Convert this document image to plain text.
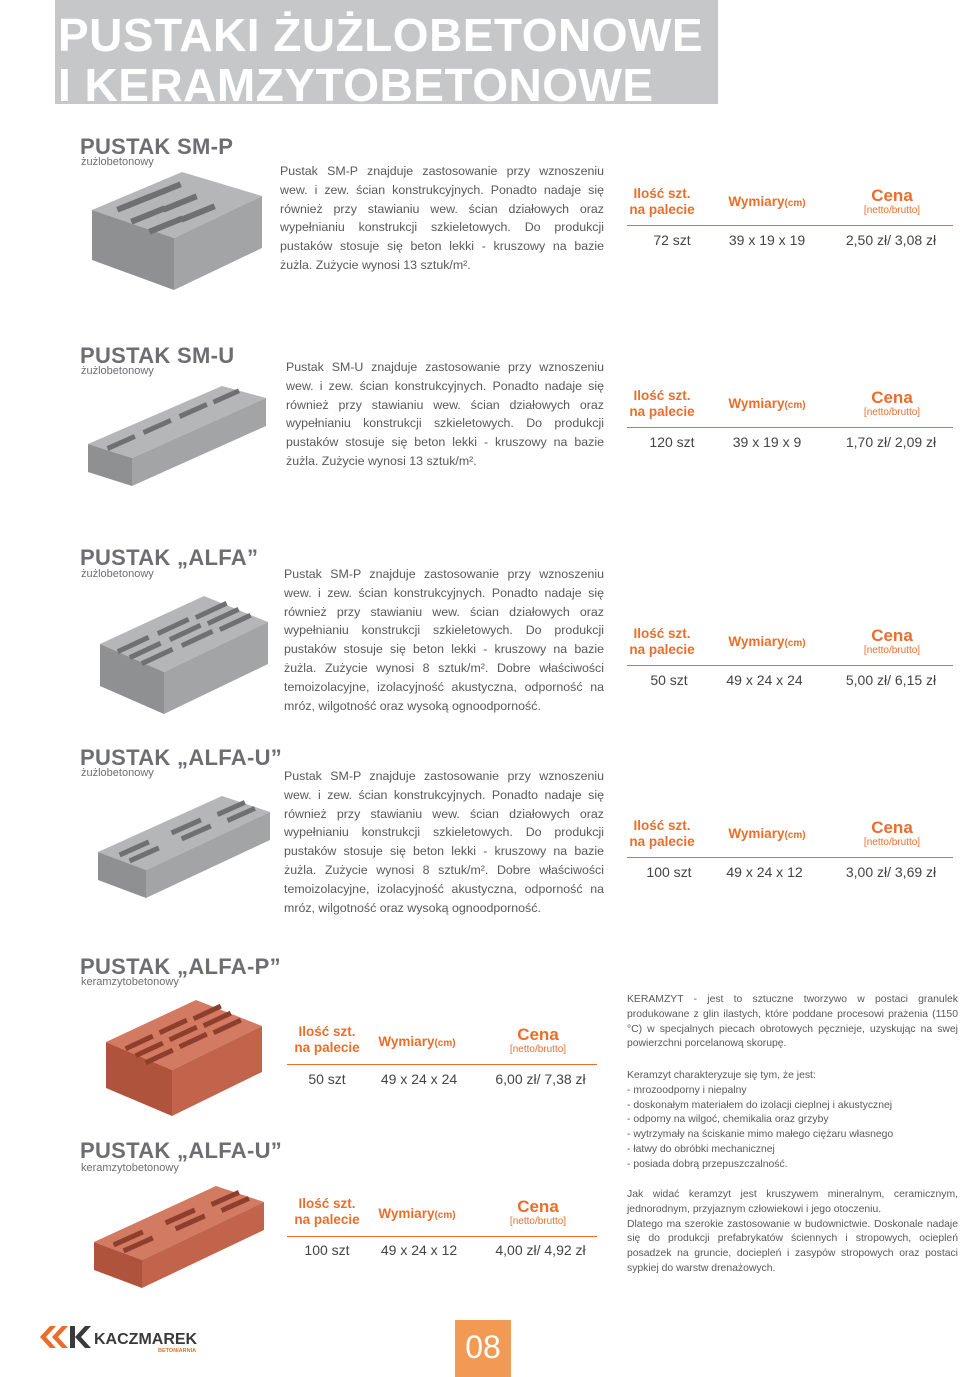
PUSTAKI ŻUŻLOBETONOWE
I KERAMZYTOBETONOWE
PUSTAK SM-P
żużlobetonowy
Pustak SM-P znajduje zastosowanie przy wznoszeniu wew. i zew. ścian konstrukcyjnych. Ponadto nadaje się również przy stawianiu wew. ścian działowych oraz wypełnianiu konstrukcji szkieletowych. Do produkcji pustaków stosuje się beton lekki - kruszowy na bazie żużla. Zużycie wynosi 13 sztuk/m².
Ilość szt.
na palecie	Wymiary(cm)	Cena
[netto/brutto]
72 szt	39 x 19 x 19	2,50 zł/ 3,08 zł
PUSTAK SM-U
żużlobetonowy	Pustak SM-U znajduje zastosowanie przy wznoszeniu wew. i zew. ścian konstrukcyjnych. Ponadto nadaje się również przy stawianiu wew. ścian działowych oraz wypełnianiu konstrukcji szkieletowych. Do produkcji pustaków stosuje się beton lekki - kruszowy na bazie żużla. Zużycie wynosi 13 sztuk/m².
Ilość szt.
na palecie	Wymiary(cm)	Cena
[netto/brutto]
120 szt	39 x 19 x 9	1,70 zł/ 2,09 zł
PUSTAK „ALFA”
żużlobetonowy	Pustak SM-P znajduje zastosowanie przy wznoszeniu wew. i zew. ścian konstrukcyjnych. Ponadto nadaje się również przy stawianiu wew. ścian działowych oraz wypełnianiu konstrukcji szkieletowych. Do produkcji pustaków stosuje się beton lekki - kruszowy na bazie żużla. Zużycie wynosi 8 sztuk/m². Dobre właściwości temoizolacyjne, izolacyjność akustyczna, odporność na mróz, wilgotność oraz wysoką ognoodporność.
Ilość szt.
na palecie	Wymiary(cm)	Cena
[netto/brutto]
50 szt	49 x 24 x 24	5,00 zł/ 6,15 zł
PUSTAK „ALFA-U”
żużlobetonowy	Pustak SM-P znajduje zastosowanie przy wznoszeniu wew. i zew. ścian konstrukcyjnych. Ponadto nadaje się również przy stawianiu wew. ścian działowych oraz wypełnianiu konstrukcji szkieletowych. Do produkcji pustaków stosuje się beton lekki - kruszowy na bazie żużla. Zużycie wynosi 8 sztuk/m². Dobre właściwości temoizolacyjne, izolacyjność akustyczna, odporność na mróz, wilgotność oraz wysoką ognoodporność.
Ilość szt.
na palecie	Wymiary(cm)	Cena
[netto/brutto]
100 szt	49 x 24 x 12	3,00 zł/ 3,69 zł
PUSTAK „ALFA-P”
keramzytobetonowy
Ilość szt.
na palecie	Wymiary(cm)	Cena
[netto/brutto]
50 szt	49 x 24 x 24	6,00 zł/ 7,38 zł
PUSTAK „ALFA-U”
keramzytobetonowy
Ilość szt.
na palecie	Wymiary(cm)	Cena
[netto/brutto]
100 szt	49 x 24 x 12	4,00 zł/ 4,92 zł
KERAMZYT - jest to sztuczne tworzywo w postaci granulek produkowane z glin ilastych, które poddane procesowi prażenia (1150 °C) w specjalnych piecach obrotowych pęcznieje, uzyskując na swej powierzchni porcelanową skorupę.

Keramzyt charakteryzuje się tym, że jest:

- mrozoodporny i niepalny

- doskonałym materiałem do izolacji cieplnej i akustycznej

- odporny na wilgoć, chemikalia oraz grzyby

- wytrzymały na ściskanie mimo małego ciężaru własnego

- łatwy do obróbki mechanicznej

- posiada dobrą przepuszczalność.

Jak widać keramzyt jest kruszywem mineralnym, ceramicznym, jednorodnym, przyjaznym człowiekowi i jego otoczeniu.

Dlatego ma szerokie zastosowanie w budownictwie. Doskonale nadaje się do produkcji prefabrykatów ściennych i stropowych, ociepleń posadzek na gruncie, dociepleń i zasypów stropowych oraz postaci sypkiej do warstw drenażowych.

KACZMAREK
BETONIARNIA	08
